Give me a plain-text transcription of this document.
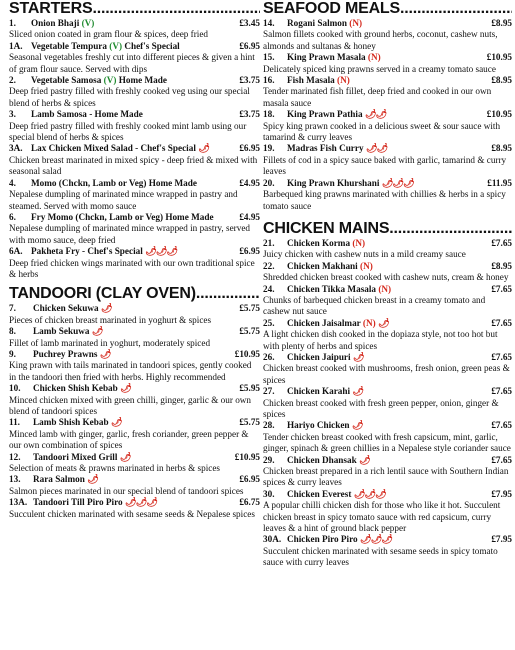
STARTERS
.....
1.	Onion Bhaji (V)	£3.45
Sliced onion coated in gram flour & spices, deep fried
1A. Vegetable Tempura (V) Chef's Special	£6.95
Seasonal vegetables freshly cut into different pieces & given a hint of gram flour sauce. Served with dips
2.	Vegetable Samosa (V) Home Made	£3.75
Deep fried pastry filled with freshly cooked veg using our special blend of herbs & spices
3.	Lamb Samosa - Home Made	£3.75
Deep fried pastry filled with freshly cooked mint lamb using our special blend of herbs & spices
3A. Lax Chicken Mixed Salad - Chef's Special 🌶	£6.95
Chicken breast marinated in mixed spicy - deep fried & mixed with seasonal salad
4.	Momo (Chckn, Lamb or Veg) Home Made	£4.95
Nepalese dumpling of marinated mince wrapped in pastry and steamed. Served with momo sauce
6.	Fry Momo (Chckn, Lamb or Veg) Home Made	£4.95
Nepalese dumpling of marinated mince wrapped in pastry, served with momo sauce, deep fried
6A. Pakheta Fry - Chef's Special 🌶🌶🌶	£6.95
Deep fried chicken wings marinated with our own traditional spice & herbs
TANDOORI (CLAY OVEN)
.....
7.	Chicken Sekuwa 🌶	£5.75
Pieces of chicken breast marinated in yoghurt & spices
8.	Lamb Sekuwa 🌶	£5.75
Fillet of lamb marinated in yoghurt, moderately spiced
9.	Puchrey Prawns 🌶	£10.95
King prawn with tails marinated in tandoori spices, gently cooked in the tandoori then fried with herbs. Highly recommended
10.	Chicken Shish Kebab 🌶	£5.95
Minced chicken mixed with green chilli, ginger, garlic & our own blend of tandoori spices
11.	Lamb Shish Kebab 🌶	£5.75
Minced lamb with ginger, garlic, fresh coriander, green pepper & our own combination of spices
12.	Tandoori Mixed Grill 🌶	£10.95
Selection of meats & prawns marinated in herbs & spices
13.	Rara Salmon 🌶	£6.95
Salmon pieces marinated in our special blend of tandoori spices
13A. Tandoori Till Piro Piro 🌶🌶🌶	£6.75
Succulent chicken marinated with sesame seeds & Nepalese spices
SEAFOOD MEALS
.....
14.	Rogani Salmon (N)	£8.95
Salmon fillets cooked with ground herbs, coconut, cashew nuts, almonds and sultanas & honey
15.	King Prawn Masala (N)	£10.95
Delicately spiced king prawns served in a creamy tomato sauce
16.	Fish Masala (N)	£8.95
Tender marinated fish fillet, deep fried and cooked in our own masala sauce
18.	King Prawn Pathia 🌶🌶	£10.95
Spicy king prawn cooked in a delicious sweet & sour sauce with tamarind & curry leaves
19.	Madras Fish Curry 🌶🌶	£8.95
Fillets of cod in a spicy sauce baked with garlic, tamarind & curry leaves
20.	King Prawn Khurshani 🌶🌶🌶	£11.95
Barbequed king prawns marinated with chillies & herbs in a spicy tomato sauce
CHICKEN MAINS
.....
21.	Chicken Korma (N)	£7.65
Juicy chicken with cashew nuts in a mild creamy sauce
22.	Chicken Makhani (N)	£8.95
Shredded chicken breast cooked with cashew nuts, cream & honey
24.	Chicken Tikka Masala (N)	£7.65
Chunks of barbequed chicken breast in a creamy tomato and cashew nut sauce
25.	Chicken Jaisalmar (N) 🌶	£7.65
A light chicken dish cooked in the dopiaza style, not too hot but with plenty of herbs and spices
26.	Chicken Jaipuri 🌶	£7.65
Chicken breast cooked with mushrooms, fresh onion, green peas & spices
27.	Chicken Karahi 🌶	£7.65
Chicken breast cooked with fresh green pepper, onion, ginger & spices
28.	Hariyo Chicken 🌶	£7.65
Tender chicken breast cooked with fresh capsicum, mint, garlic, ginger, spinach & green chillies in a Nepalese style coriander sauce
29.	Chicken Dhansak 🌶	£7.65
Chicken breast prepared in a rich lentil sauce with Southern Indian spices & curry leaves
30.	Chicken Everest 🌶🌶🌶	£7.95
A popular chilli chicken dish for those who like it hot. Succulent chicken breast in spicy tomato sauce with red capsicum, curry leaves & a hint of ground black pepper
30A. Chicken Piro Piro 🌶🌶🌶	£7.95
Succulent chicken marinated with sesame seeds in spicy tomato sauce with curry leaves
